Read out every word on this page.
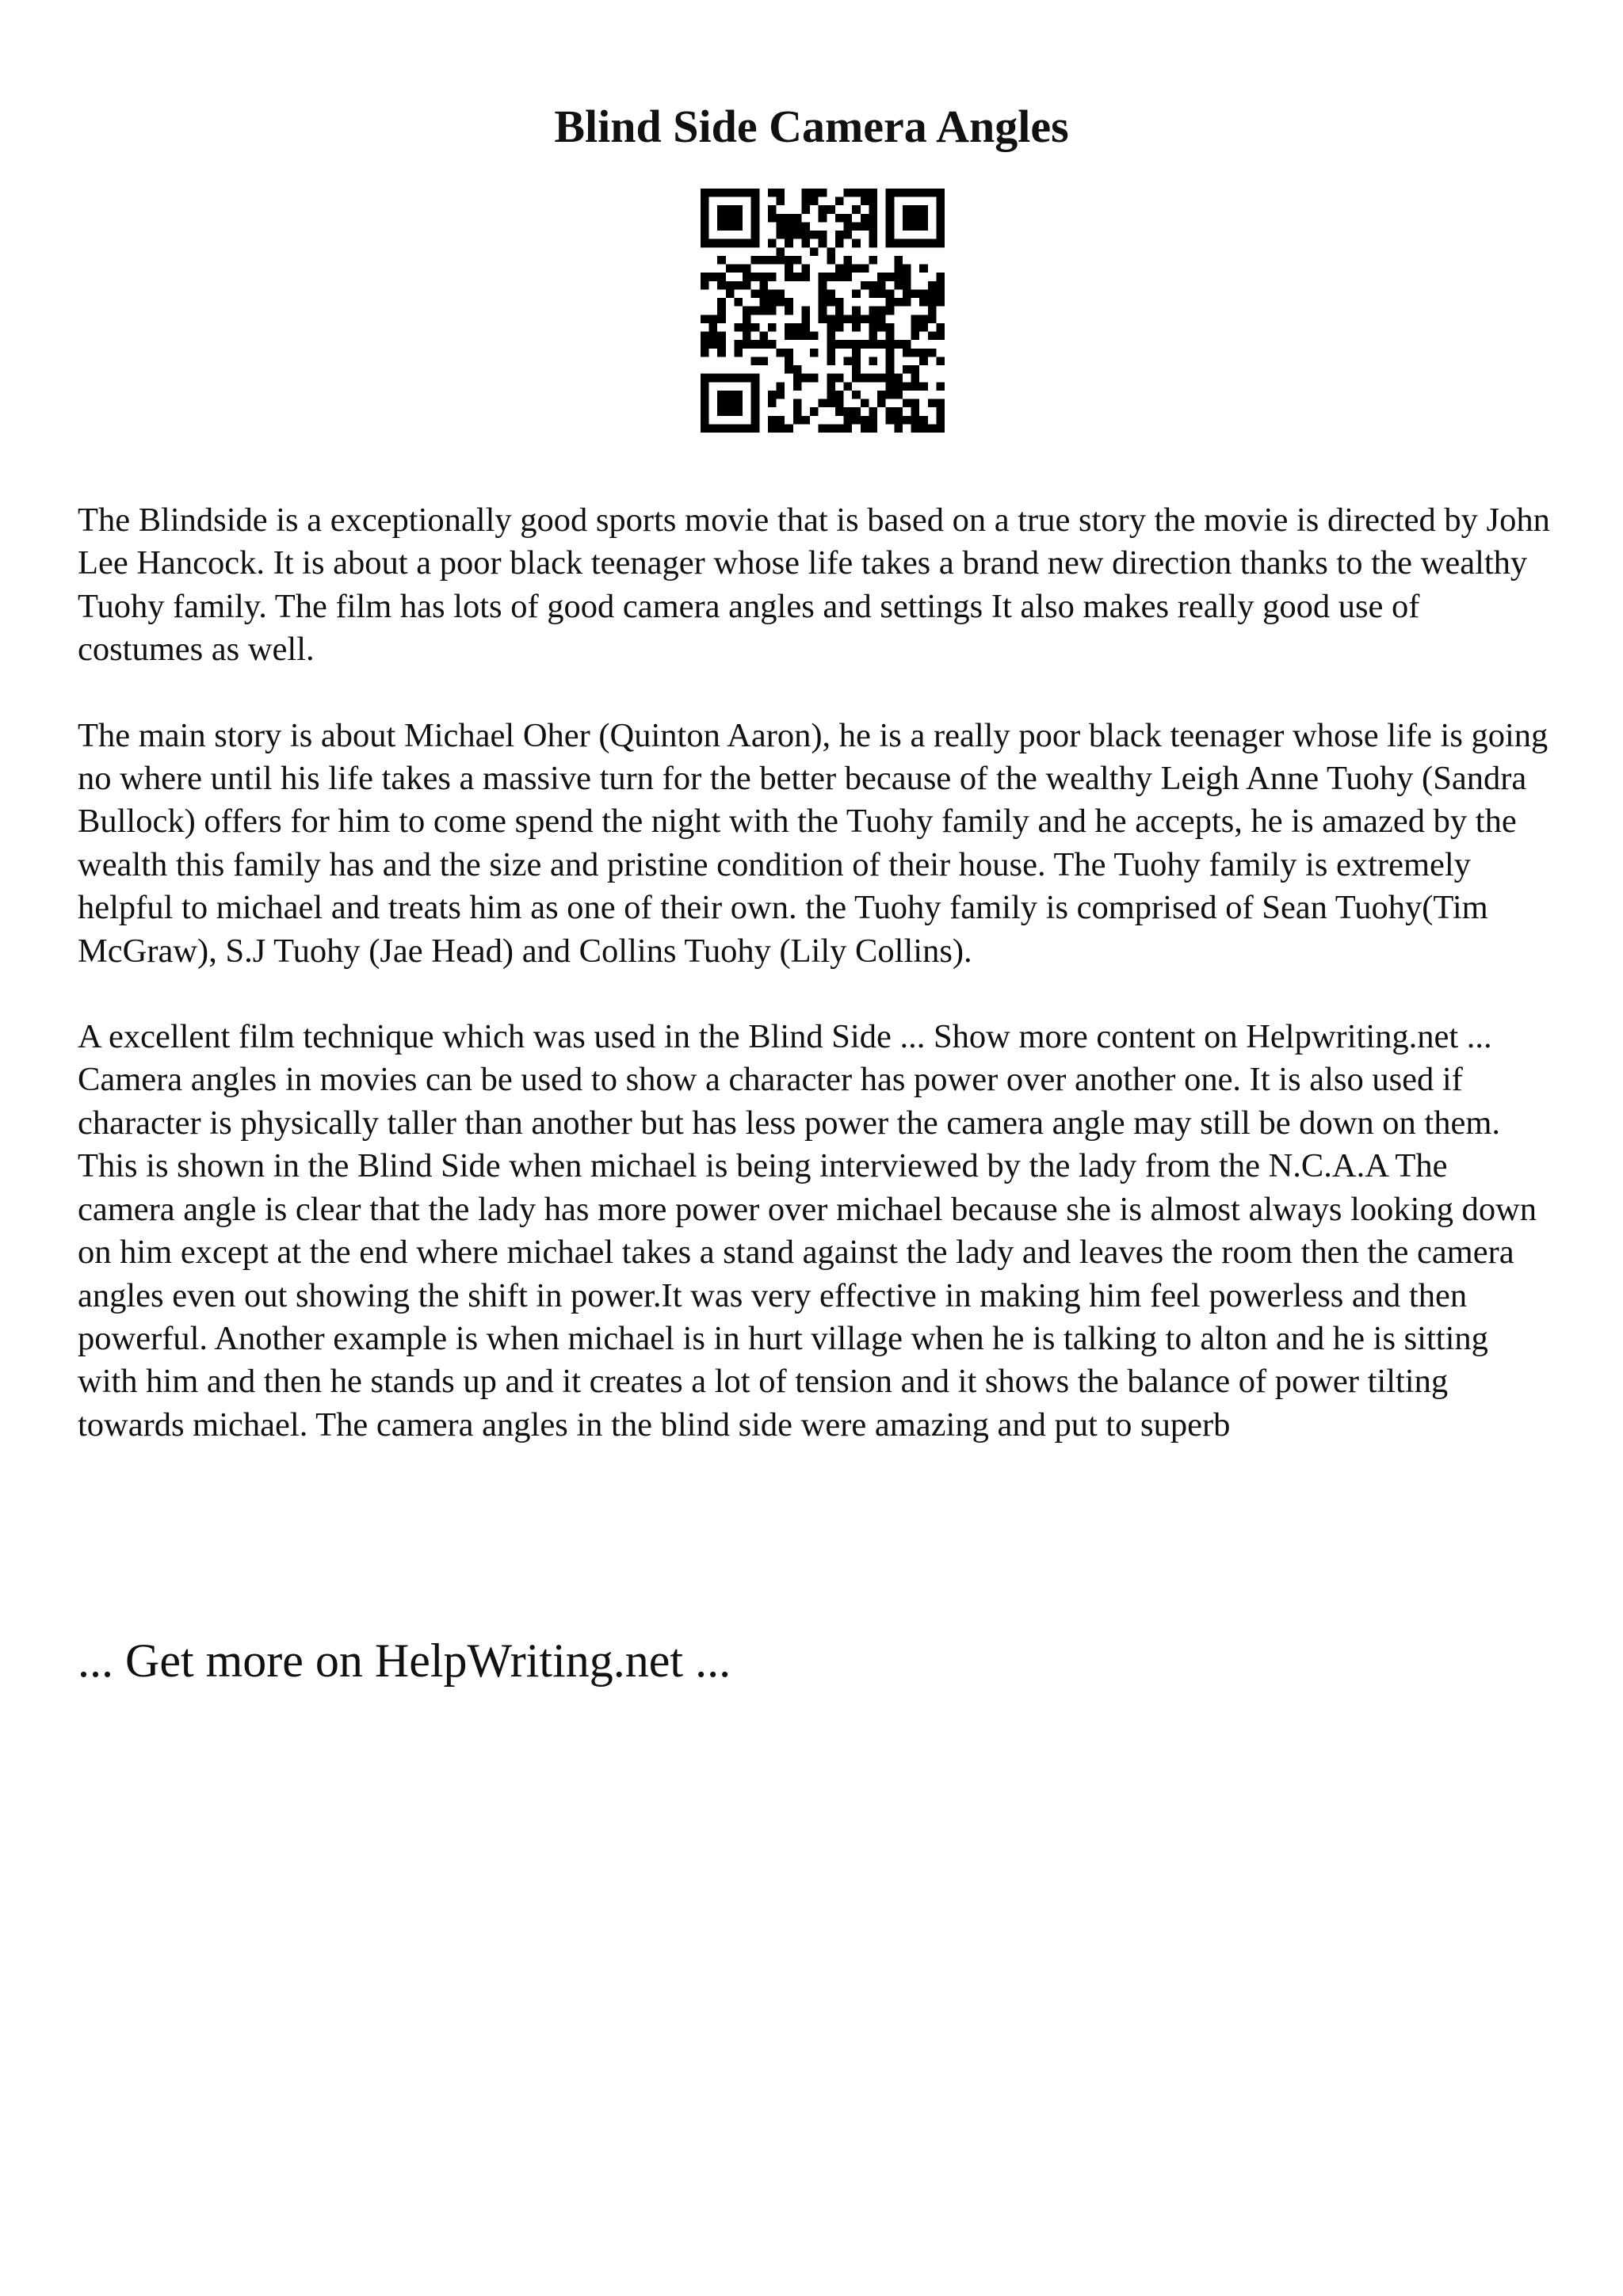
Blind Side Camera Angles

The Blindside is a exceptionally good sports movie that is based on a true story the movie is directed by John Lee Hancock. It is about a poor black teenager whose life takes a brand new direction thanks to the wealthy Tuohy family. The film has lots of good camera angles and settings It also makes really good use of costumes as well.

The main story is about Michael Oher (Quinton Aaron), he is a really poor black teenager whose life is going no where until his life takes a massive turn for the better because of the wealthy Leigh Anne Tuohy (Sandra Bullock) offers for him to come spend the night with the Tuohy family and he accepts, he is amazed by the wealth this family has and the size and pristine condition of their house. The Tuohy family is extremely helpful to michael and treats him as one of their own. the Tuohy family is comprised of Sean Tuohy(Tim McGraw), S.J Tuohy (Jae Head) and Collins Tuohy (Lily Collins).

A excellent film technique which was used in the Blind Side ... Show more content on Helpwriting.net ...

Camera angles in movies can be used to show a character has power over another one. It is also used if character is physically taller than another but has less power the camera angle may still be down on them. This is shown in the Blind Side when michael is being interviewed by the lady from the N.C.A.A The camera angle is clear that the lady has more power over michael because she is almost always looking down on him except at the end where michael takes a stand against the lady and leaves the room then the camera angles even out showing the shift in power.It was very effective in making him feel powerless and then powerful. Another example is when michael is in hurt village when he is talking to alton and he is sitting with him and then he stands up and it creates a lot of tension and it shows the balance of power tilting towards michael. The camera angles in the blind side were amazing and put to superb

... Get more on HelpWriting.net ...
